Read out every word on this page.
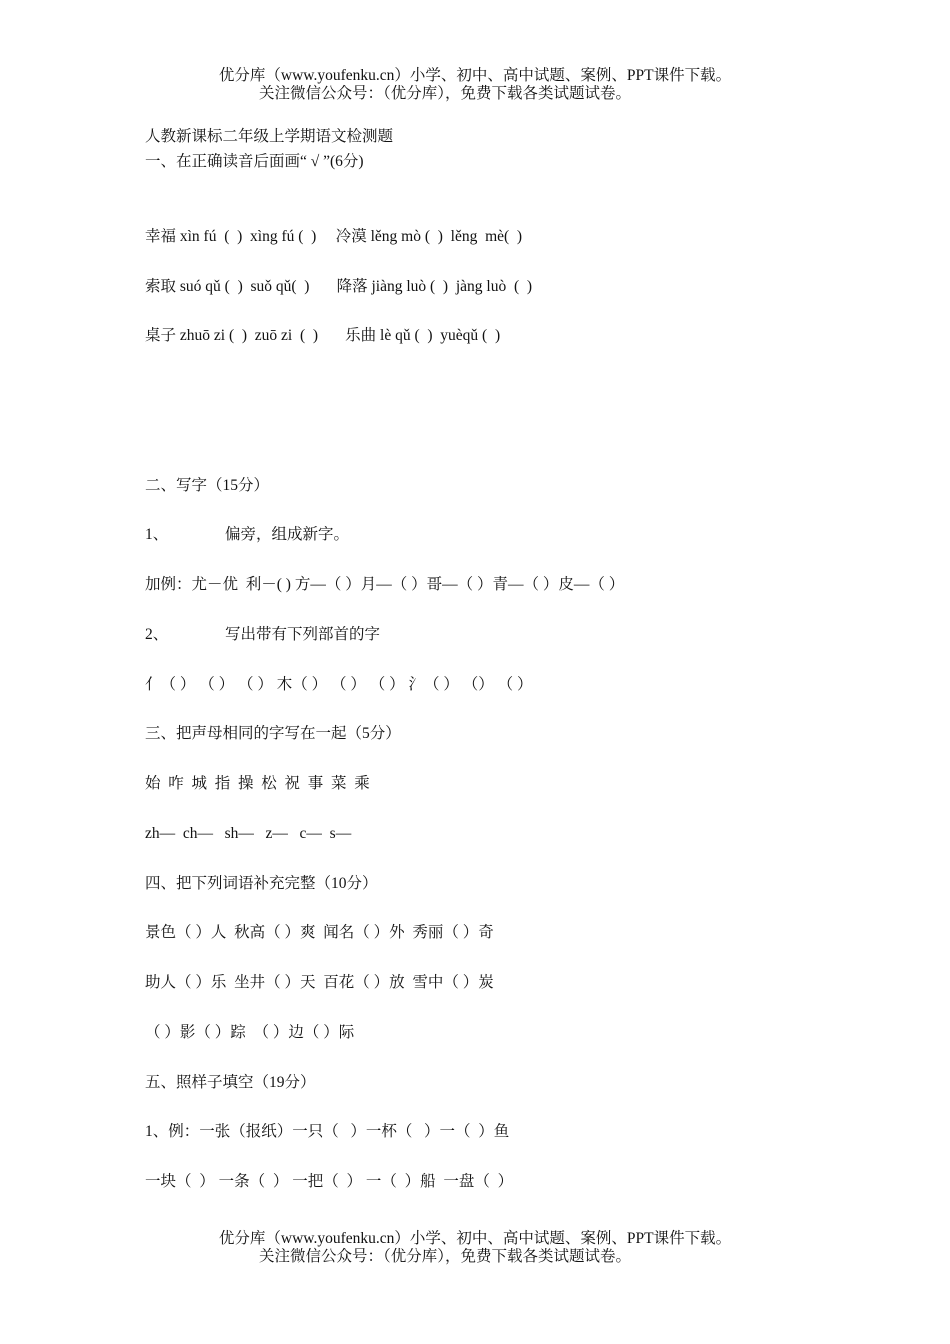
优分库（www.youfenku.cn）小学、初中、高中试题、案例、PPT课件下载。
关注微信公众号：（优分库），免费下载各类试题试卷。
人教新课标二年级上学期语文检测题
一、在正确读音后面画“ √ ”(6分)
幸福 xìn fú  (  )  xìng fú (  )     冷漠 lěng mò (  )  lěng  mè(  )
索取 suó qǔ (  )  suǒ qǔ(  )       降落 jiàng luò (  )  jàng luò  (  )
桌子 zhuō zi (  )  zuō zi  (  )       乐曲 lè qǔ (  )  yuèqǔ (  )
二、写字（15分）
1、	偏旁，组成新字。
加例：尤－优  利－( ) 方—（ ）月—（ ）哥—（ ）青—（ ）皮—（ ）
2、	写出带有下列部首的字
亻（ ） （ ） （ ） 木（ ） （ ） （ ） 氵（ ） （） （ ）
三、把声母相同的字写在一起（5分）
始  咋  城  指  操  松  祝  事  菜  乘
zh—  ch—   sh—   z—   c—  s—
四、把下列词语补充完整（10分）
景色（ ）人  秋高（ ）爽  闻名（ ）外  秀丽（ ）奇
助人（ ）乐  坐井（ ）天  百花（ ）放  雪中（ ）炭
（ ）影（ ）踪  （ ）边（ ）际
五、照样子填空（19分）
1、例：一张（报纸）一只（   ）一杯（   ）一（  ）鱼
一块（  ） 一条（  ） 一把（  ） 一（  ）船  一盘（  ）
优分库（www.youfenku.cn）小学、初中、高中试题、案例、PPT课件下载。
关注微信公众号：（优分库），免费下载各类试题试卷。
